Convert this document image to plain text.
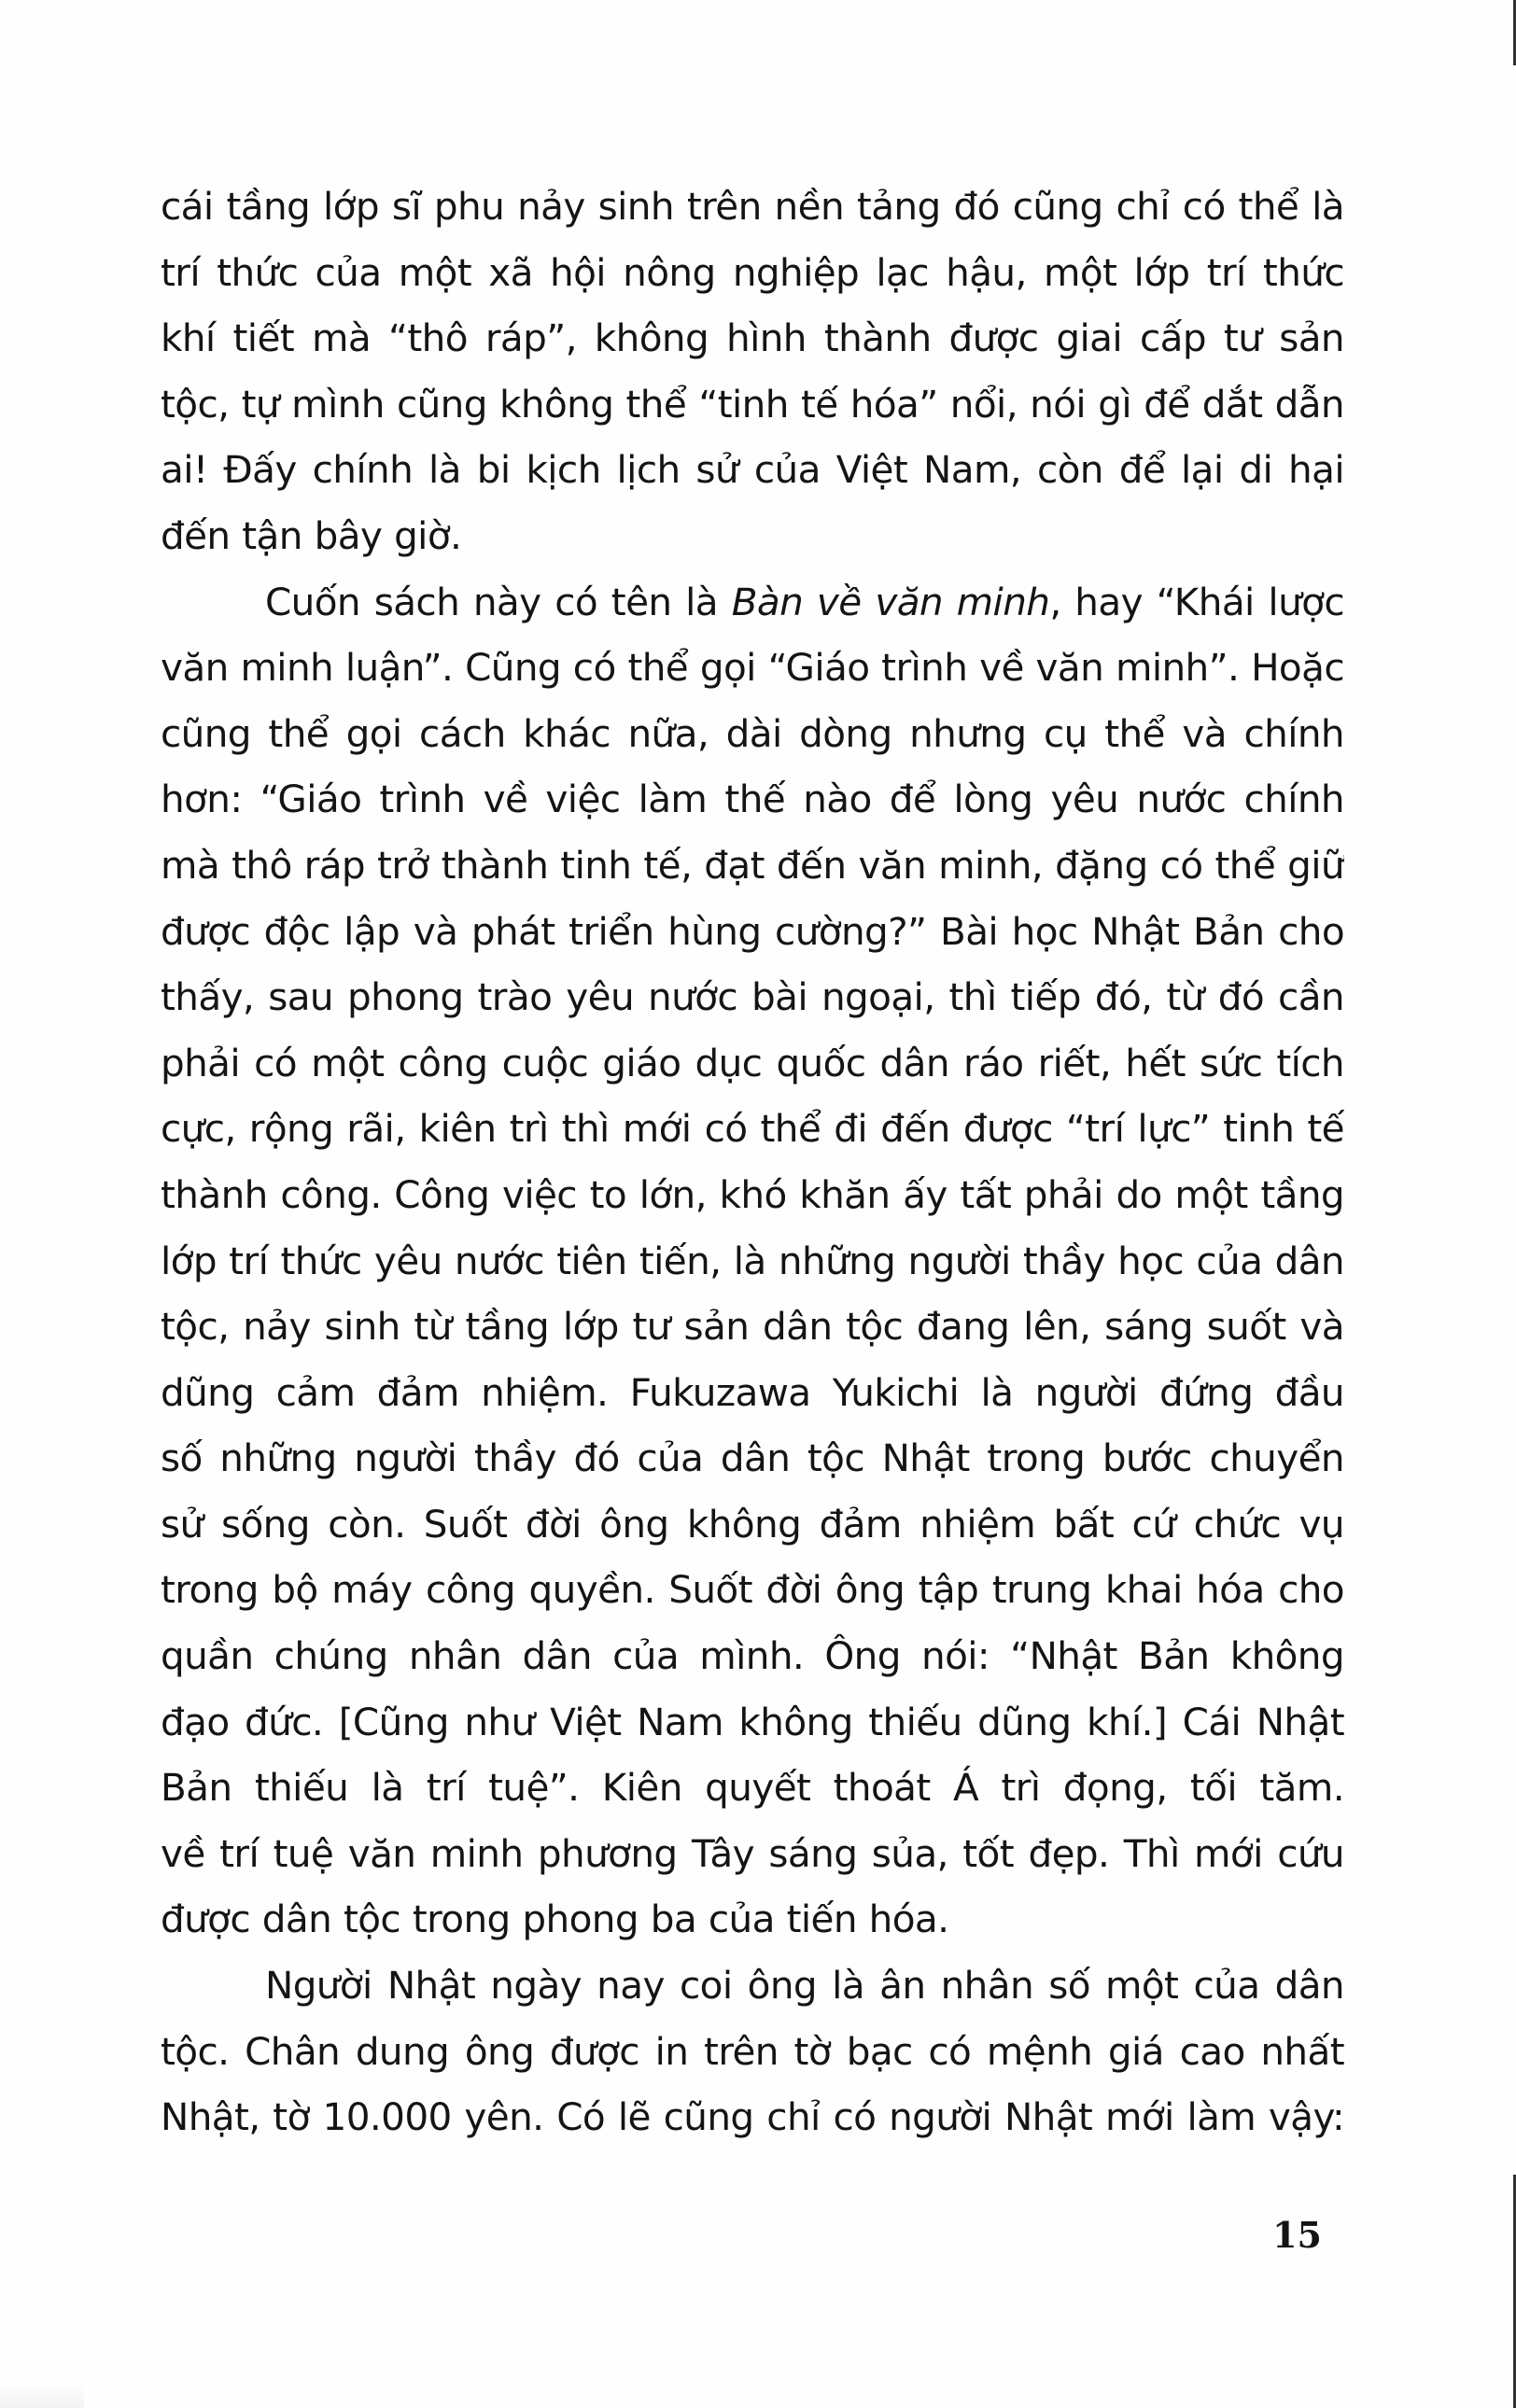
cái tầng lớp sĩ phu nảy sinh trên nền tảng đó cũng chỉ có thể là
trí thức của một xã hội nông nghiệp lạc hậu, một lớp trí thức
khí tiết mà “thô ráp”, không hình thành được giai cấp tư sản
tộc, tự mình cũng không thể “tinh tế hóa” nổi, nói gì để dắt dẫn
ai! Đấy chính là bi kịch lịch sử của Việt Nam, còn để lại di hại
đến tận bây giờ.
Cuốn sách này có tên là Bàn về văn minh, hay “Khái lược
văn minh luận”. Cũng có thể gọi “Giáo trình về văn minh”. Hoặc
cũng thể gọi cách khác nữa, dài dòng nhưng cụ thể và chính
hơn: “Giáo trình về việc làm thế nào để lòng yêu nước chính
mà thô ráp trở thành tinh tế, đạt đến văn minh, đặng có thể giữ
được độc lập và phát triển hùng cường?” Bài học Nhật Bản cho
thấy, sau phong trào yêu nước bài ngoại, thì tiếp đó, từ đó cần
phải có một công cuộc giáo dục quốc dân ráo riết, hết sức tích
cực, rộng rãi, kiên trì thì mới có thể đi đến được “trí lực” tinh tế
thành công. Công việc to lớn, khó khăn ấy tất phải do một tầng
lớp trí thức yêu nước tiên tiến, là những người thầy học của dân
tộc, nảy sinh từ tầng lớp tư sản dân tộc đang lên, sáng suốt và
dũng cảm đảm nhiệm. Fukuzawa Yukichi là người đứng đầu
số những người thầy đó của dân tộc Nhật trong bước chuyển
sử sống còn. Suốt đời ông không đảm nhiệm bất cứ chức vụ
trong bộ máy công quyền. Suốt đời ông tập trung khai hóa cho
quần chúng nhân dân của mình. Ông nói: “Nhật Bản không
đạo đức. [Cũng như Việt Nam không thiếu dũng khí.] Cái Nhật
Bản thiếu là trí tuệ”. Kiên quyết thoát Á trì đọng, tối tăm.
về trí tuệ văn minh phương Tây sáng sủa, tốt đẹp. Thì mới cứu
được dân tộc trong phong ba của tiến hóa.
Người Nhật ngày nay coi ông là ân nhân số một của dân
tộc. Chân dung ông được in trên tờ bạc có mệnh giá cao nhất
Nhật, tờ 10.000 yên. Có lẽ cũng chỉ có người Nhật mới làm vậy:
15
